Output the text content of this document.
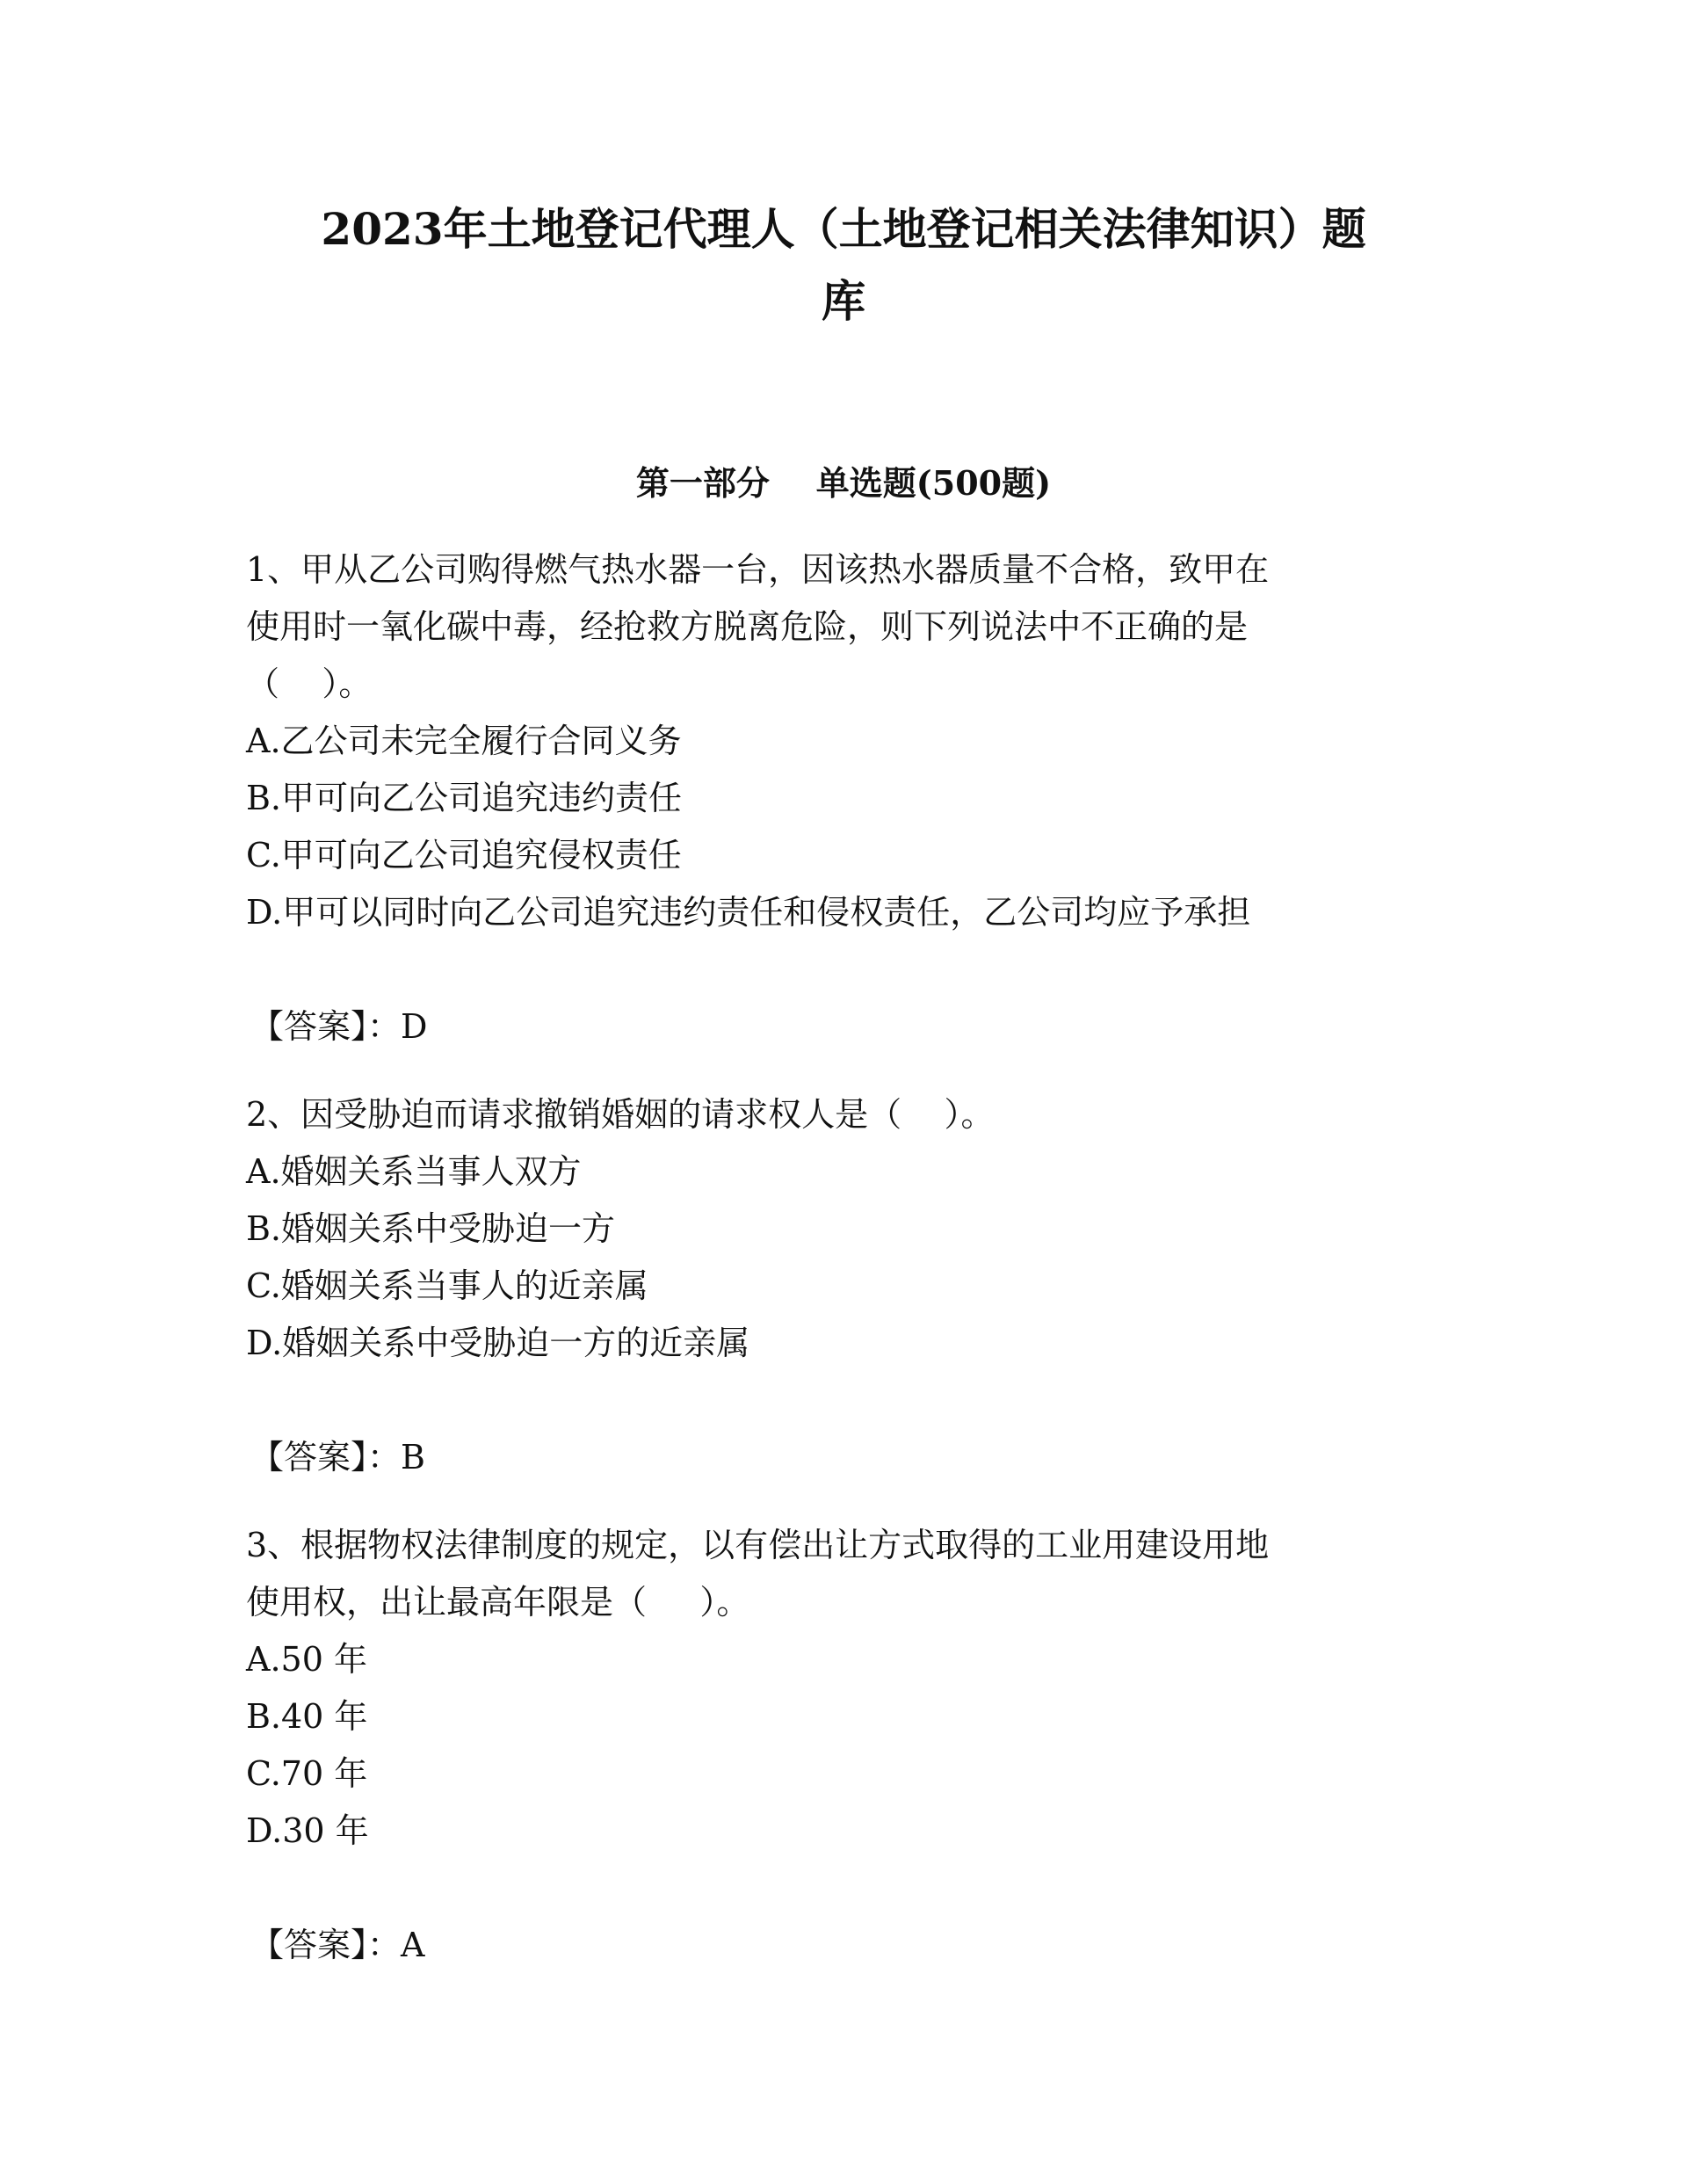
2023年土地登记代理人（土地登记相关法律知识）题
库
第一部分    单选题(500题)
1、甲从乙公司购得燃气热水器一台，因该热水器质量不合格，致甲在
使用时一氧化碳中毒，经抢救方脱离危险，则下列说法中不正确的是
（    ）。
A.乙公司未完全履行合同义务
B.甲可向乙公司追究违约责任
C.甲可向乙公司追究侵权责任
D.甲可以同时向乙公司追究违约责任和侵权责任，乙公司均应予承担
【答案】：D
2、因受胁迫而请求撤销婚姻的请求权人是（    ）。
A.婚姻关系当事人双方
B.婚姻关系中受胁迫一方
C.婚姻关系当事人的近亲属
D.婚姻关系中受胁迫一方的近亲属
【答案】：B
3、根据物权法律制度的规定，以有偿出让方式取得的工业用建设用地
使用权，出让最高年限是（     ）。
A.50 年
B.40 年
C.70 年
D.30 年
【答案】：A
